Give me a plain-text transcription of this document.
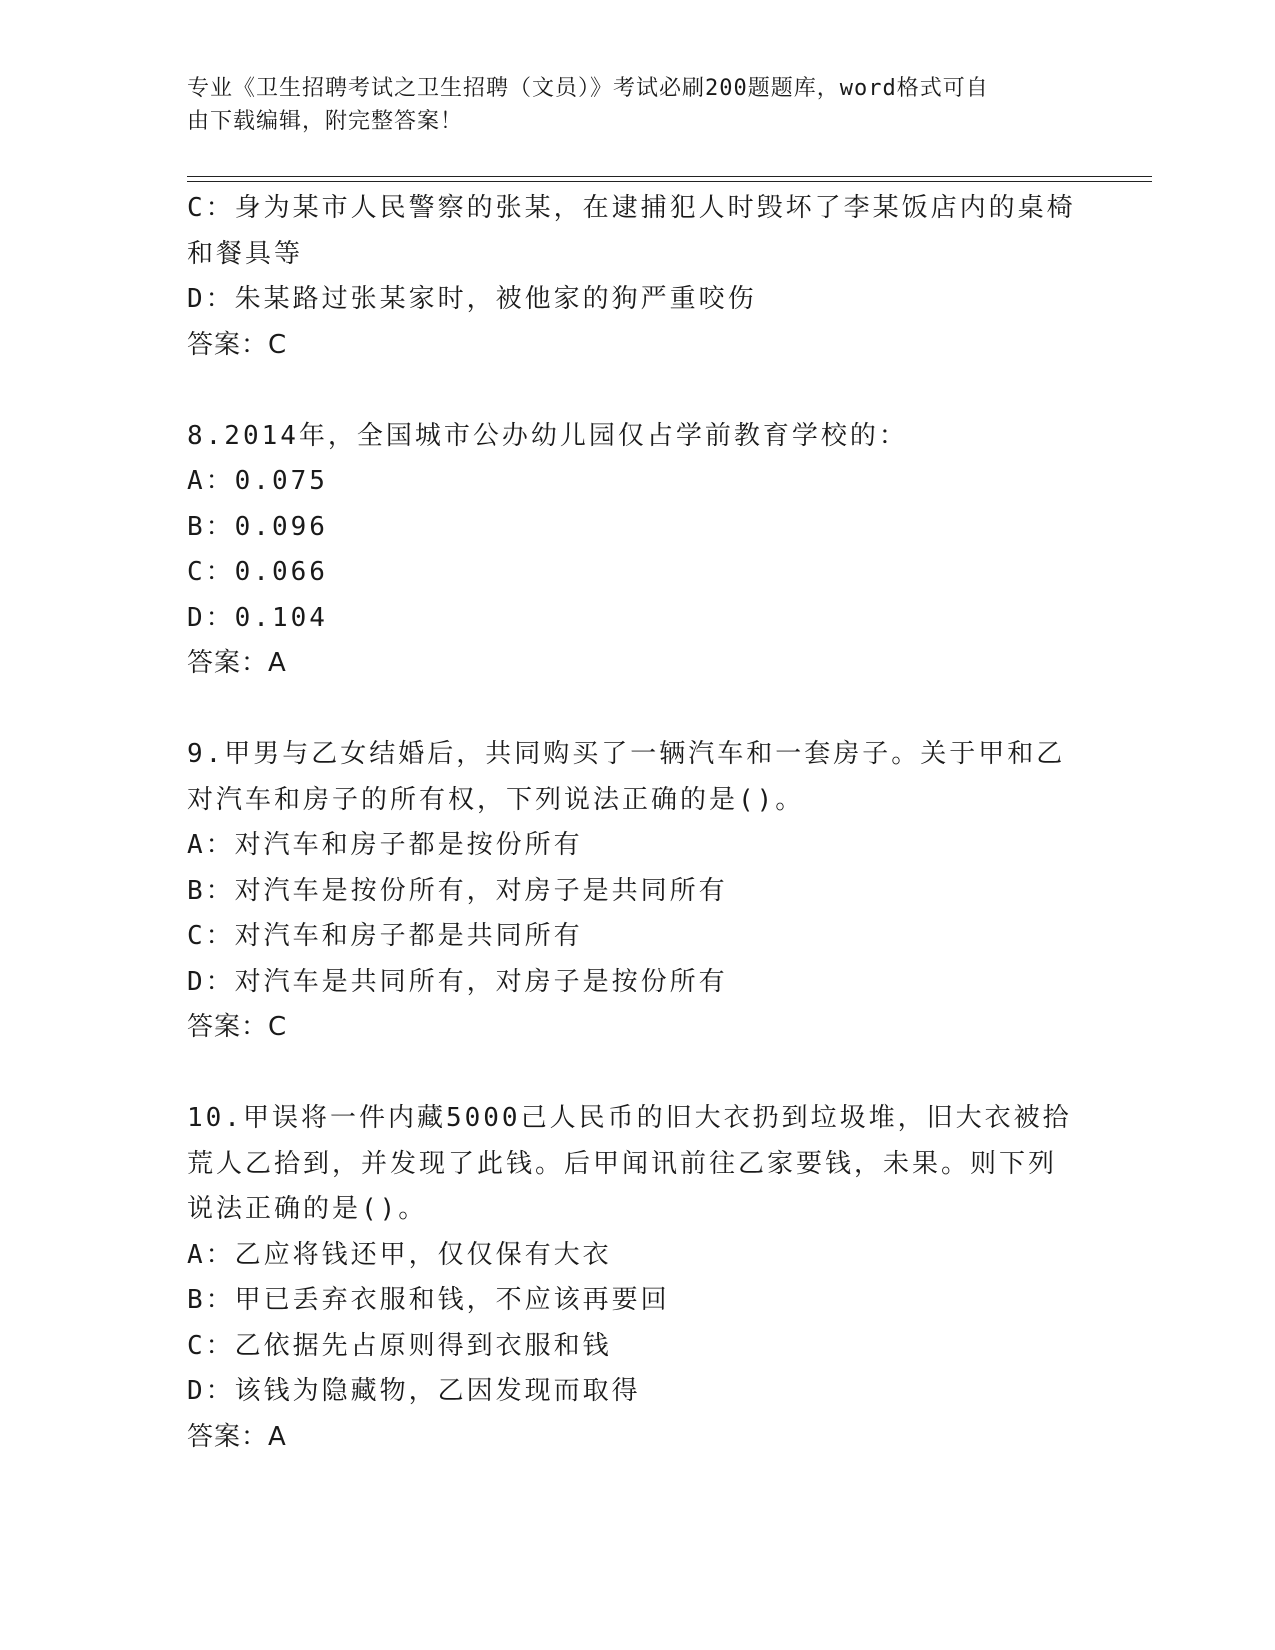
专业《卫生招聘考试之卫生招聘（文员）》考试必刷200题题库，word格式可自
由下载编辑，附完整答案！
C：身为某市人民警察的张某，在逮捕犯人时毁坏了李某饭店内的桌椅
和餐具等
D：朱某路过张某家时，被他家的狗严重咬伤
答案：C
8.2014年，全国城市公办幼儿园仅占学前教育学校的：
A：0.075
B：0.096
C：0.066
D：0.104
答案：A
9.甲男与乙女结婚后，共同购买了一辆汽车和一套房子。关于甲和乙
对汽车和房子的所有权，下列说法正确的是()。
A：对汽车和房子都是按份所有
B：对汽车是按份所有，对房子是共同所有
C：对汽车和房子都是共同所有
D：对汽车是共同所有，对房子是按份所有
答案：C
10.甲误将一件内藏5000己人民币的旧大衣扔到垃圾堆，旧大衣被拾
荒人乙拾到，并发现了此钱。后甲闻讯前往乙家要钱，未果。则下列
说法正确的是()。
A：乙应将钱还甲，仅仅保有大衣
B：甲已丢弃衣服和钱，不应该再要回
C：乙依据先占原则得到衣服和钱
D：该钱为隐藏物，乙因发现而取得
答案：A
